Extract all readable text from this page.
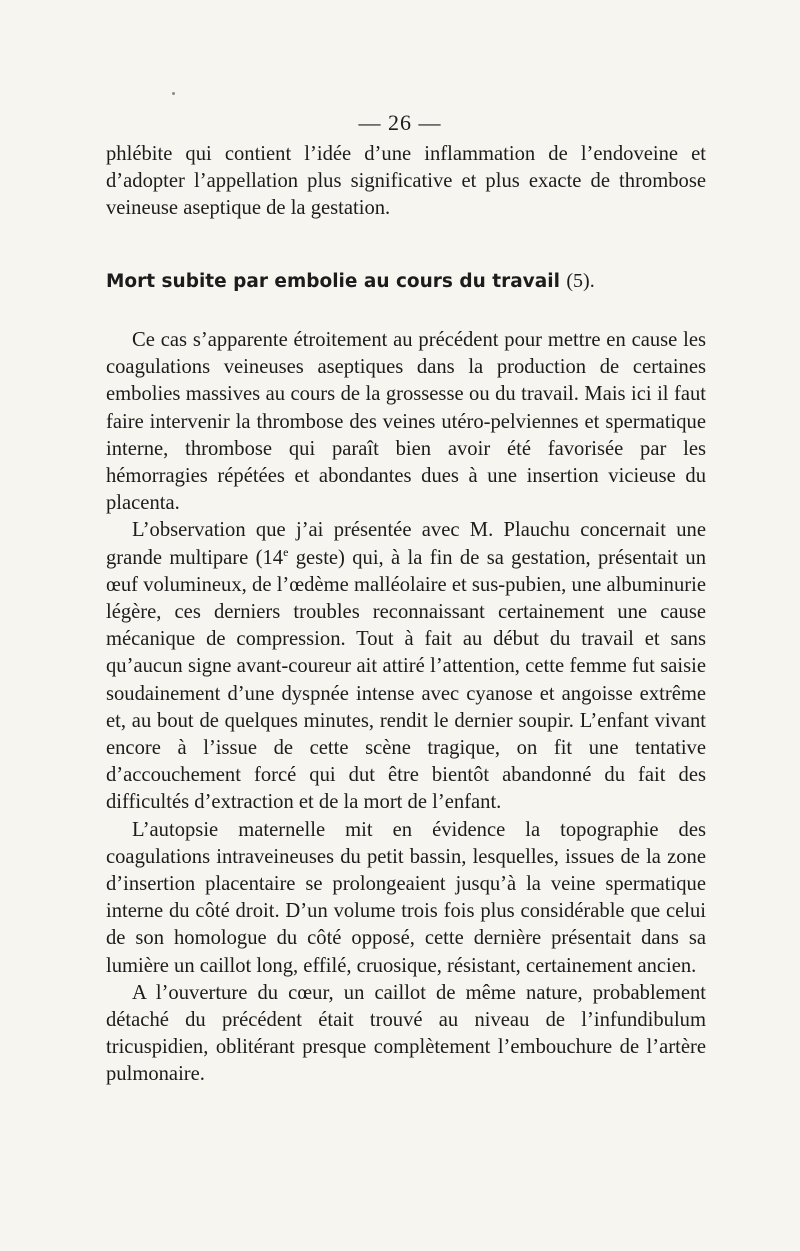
— 26 —

phlébite qui contient l’idée d’une inflammation de l’endoveine et d’adopter l’appellation plus significative et plus exacte de thrombose veineuse aseptique de la gestation.

Mort subite par embolie au cours du travail (5).

Ce cas s’apparente étroitement au précédent pour mettre en cause les coagulations veineuses aseptiques dans la production de certaines embolies massives au cours de la grossesse ou du travail. Mais ici il faut faire intervenir la thrombose des veines utéro-pelviennes et spermatique interne, thrombose qui paraît bien avoir été favorisée par les hémorragies répétées et abondantes dues à une insertion vicieuse du placenta.

L’observation que j’ai présentée avec M. Plauchu concernait une grande multipare (14e geste) qui, à la fin de sa gestation, présentait un œuf volumineux, de l’œdème malléolaire et sus-pubien, une albuminurie légère, ces derniers troubles reconnaissant certainement une cause mécanique de compression. Tout à fait au début du travail et sans qu’aucun signe avant-coureur ait attiré l’attention, cette femme fut saisie soudainement d’une dyspnée intense avec cyanose et angoisse extrême et, au bout de quelques minutes, rendit le dernier soupir. L’enfant vivant encore à l’issue de cette scène tragique, on fit une tentative d’accouchement forcé qui dut être bientôt abandonné du fait des difficultés d’extraction et de la mort de l’enfant.

L’autopsie maternelle mit en évidence la topographie des coagulations intraveineuses du petit bassin, lesquelles, issues de la zone d’insertion placentaire se prolongeaient jusqu’à la veine spermatique interne du côté droit. D’un volume trois fois plus considérable que celui de son homologue du côté opposé, cette dernière présentait dans sa lumière un caillot long, effilé, cruosique, résistant, certainement ancien.

A l’ouverture du cœur, un caillot de même nature, probablement détaché du précédent était trouvé au niveau de l’infundibulum tricuspidien, oblitérant presque complètement l’embouchure de l’artère pulmonaire.
